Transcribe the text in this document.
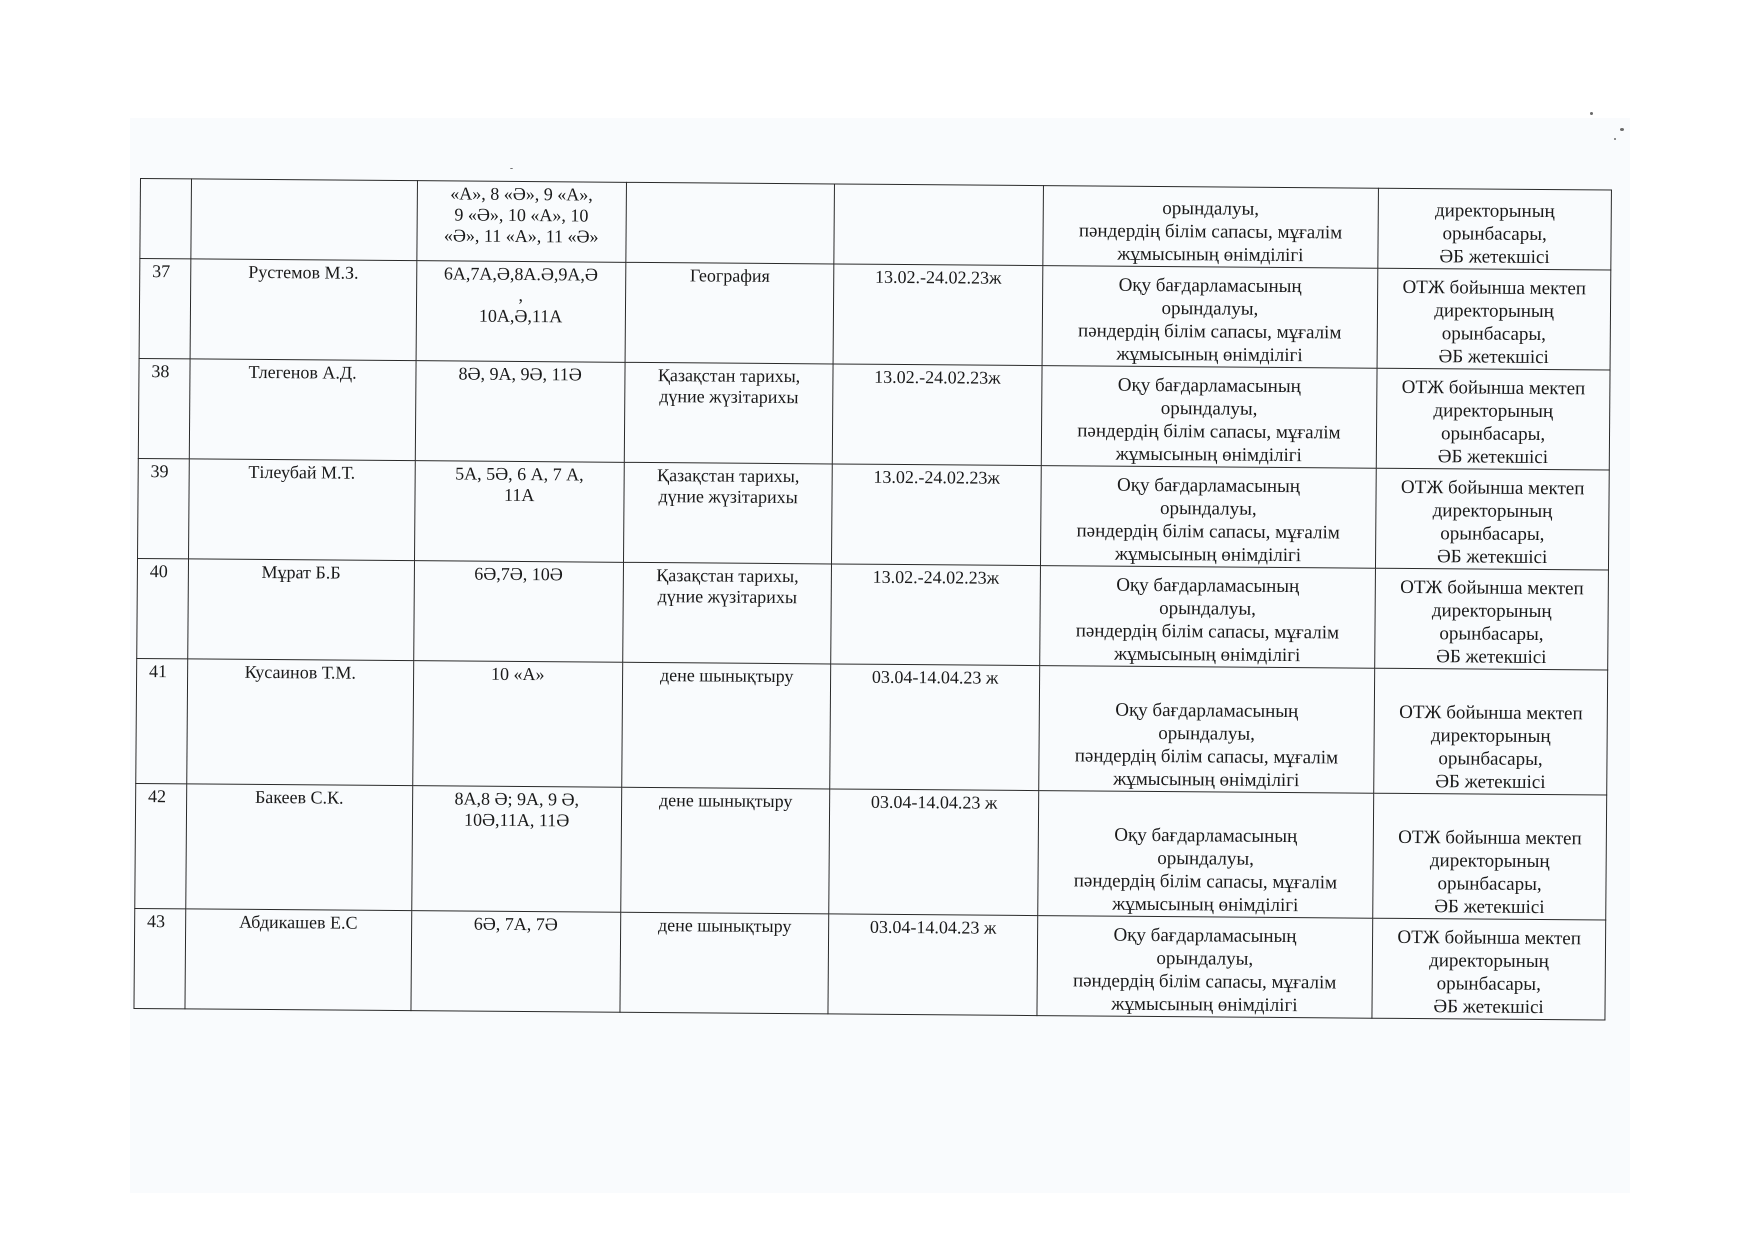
		«А», 8 «Ә», 9 «А»,
9 «Ә», 10 «А», 10
«Ә», 11 «А», 11 «Ә»			орындалуы,
пәндердің білім сапасы, мұғалім
жұмысының өнімділігі	директорының
орынбасары,
ӘБ жетекшісі

37	Рустемов М.З.	6А,7А,Ә,8А.Ә,9А,Ә
,
10А,Ә,11А	География	13.02.-24.02.23ж	Оқу бағдарламасының
орындалуы,
пәндердің білім сапасы, мұғалім
жұмысының өнімділігі	ОТЖ бойынша мектеп
директорының
орынбасары,
ӘБ жетекшісі

38	Тлегенов А.Д.	8Ә, 9А, 9Ә, 11Ә	Қазақстан тарихы,
дүние жүзітарихы	13.02.-24.02.23ж	Оқу бағдарламасының
орындалуы,
пәндердің білім сапасы, мұғалім
жұмысының өнімділігі	ОТЖ бойынша мектеп
директорының
орынбасары,
ӘБ жетекшісі

39	Тілеубай М.Т.	5А, 5Ә, 6 А, 7 А,
11А	Қазақстан тарихы,
дүние жүзітарихы	13.02.-24.02.23ж	Оқу бағдарламасының
орындалуы,
пәндердің білім сапасы, мұғалім
жұмысының өнімділігі	ОТЖ бойынша мектеп
директорының
орынбасары,
ӘБ жетекшісі

40	Мұрат Б.Б	6Ә,7Ә, 10Ә	Қазақстан тарихы,
дүние жүзітарихы	13.02.-24.02.23ж	Оқу бағдарламасының
орындалуы,
пәндердің білім сапасы, мұғалім
жұмысының өнімділігі	ОТЖ бойынша мектеп
директорының
орынбасары,
ӘБ жетекшісі

41	Кусаинов Т.М.	10 «А»	дене шынықтыру	03.04-14.04.23 ж	Оқу бағдарламасының
орындалуы,
пәндердің білім сапасы, мұғалім
жұмысының өнімділігі	ОТЖ бойынша мектеп
директорының
орынбасары,
ӘБ жетекшісі

42	Бакеев С.К.	8А,8 Ә; 9А, 9 Ә,
10Ә,11А, 11Ә	дене шынықтыру	03.04-14.04.23 ж	Оқу бағдарламасының
орындалуы,
пәндердің білім сапасы, мұғалім
жұмысының өнімділігі	ОТЖ бойынша мектеп
директорының
орынбасары,
ӘБ жетекшісі

43	Абдикашев Е.С	6Ә, 7А, 7Ә	дене шынықтыру	03.04-14.04.23 ж	Оқу бағдарламасының
орындалуы,
пәндердің білім сапасы, мұғалім
жұмысының өнімділігі	ОТЖ бойынша мектеп
директорының
орынбасары,
ӘБ жетекшісі
